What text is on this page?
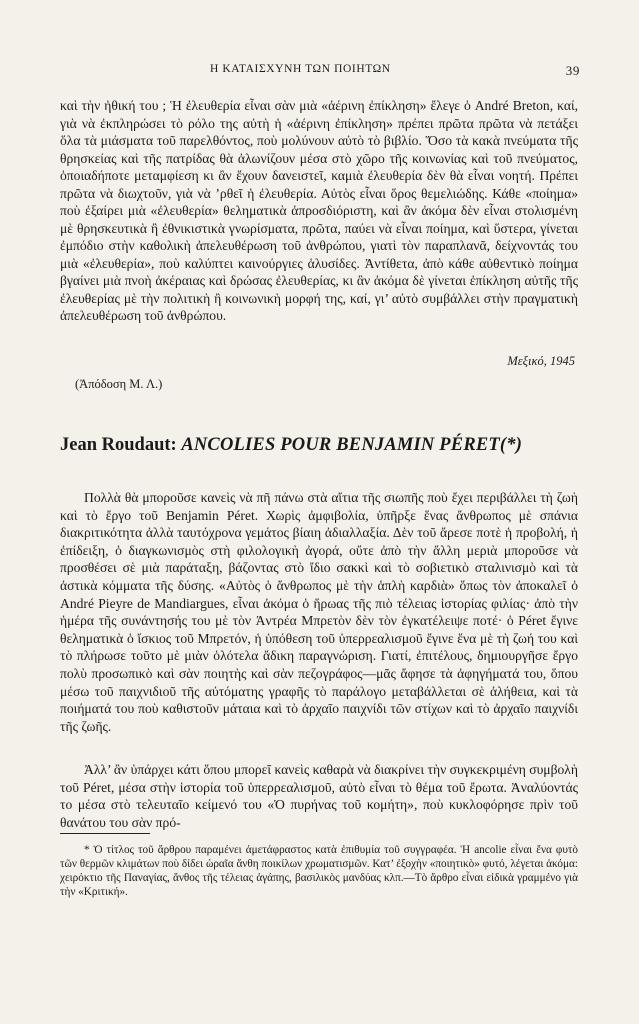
Η ΚΑΤΑΙΣΧΥΝΗ ΤΩΝ ΠΟΙΗΤΩΝ	39

καὶ τὴν ἠθική του ; Ἡ ἐλευθερία εἶναι σὰν μιὰ «ἀέρινη ἐπίκληση» ἔλεγε ὁ André Breton, καί, γιὰ νὰ ἐκπληρώσει τὸ ρόλο της αὐτὴ ἡ «ἀέρινη ἐπίκληση» πρέπει πρῶτα πρῶτα νὰ πετάξει ὅλα τὰ μιάσματα τοῦ παρελθόντος, ποὺ μολύνουν αὐτὸ τὸ βιβλίο. Ὅσο τὰ κακὰ πνεύματα τῆς θρησκείας καὶ τῆς πατρίδας θὰ ἀλωνίζουν μέσα στὸ χῶρο τῆς κοινωνίας καὶ τοῦ πνεύματος, ὁποιαδήποτε μεταμφίεση κι ἂν ἔχουν δανειστεῖ, καμιὰ ἐλευθερία δὲν θὰ εἶναι νοητή. Πρέπει πρῶτα νὰ διωχτοῦν, γιὰ νὰ ’ρθεῖ ἡ ἐλευθερία. Αὐτὸς εἶναι ὅρος θεμελιώδης. Κάθε «ποίημα» ποὺ ἐξαίρει μιὰ «ἐλευθερία» θεληματικὰ ἀπροσδιόριστη, καὶ ἂν ἀκόμα δὲν εἶναι στολισμένη μὲ θρησκευτικὰ ἢ ἐθνικιστικὰ γνωρίσματα, πρῶτα, παύει νὰ εἶναι ποίημα, καὶ ὕστερα, γίνεται ἐμπόδιο στὴν καθολικὴ ἀπελευθέρωση τοῦ ἀνθρώπου, γιατὶ τὸν παραπλανᾶ, δείχνοντάς του μιὰ «ἐλευθερία», ποὺ καλύπτει καινούργιες ἁλυσίδες. Ἀντίθετα, ἀπὸ κάθε αὐθεντικὸ ποίημα βγαίνει μιὰ πνοὴ ἀκέραιας καὶ δρώσας ἐλευθερίας, κι ἂν ἀκόμα δὲ γίνεται ἐπίκληση αὐτῆς τῆς ἐλευθερίας μὲ τὴν πολιτικὴ ἢ κοινωνικὴ μορφή της, καί, γι’ αὐτὸ συμβάλλει στὴν πραγματικὴ ἀπελευθέρωση τοῦ ἀνθρώπου.

Μεξικό, 1945

(Ἀπόδοση Μ. Λ.)

Jean Roudaut: ANCOLIES POUR BENJAMIN PÉRET(*)

Πολλὰ θὰ μποροῦσε κανεὶς νὰ πῆ πάνω στὰ αἴτια τῆς σιωπῆς ποὺ ἔχει περιβάλλει τὴ ζωὴ καὶ τὸ ἔργο τοῦ Benjamin Péret. Χωρὶς ἀμφιβολία, ὑπῆρξε ἕνας ἄνθρωπος μὲ σπάνια διακριτικότητα ἀλλὰ ταυτόχρονα γεμάτος βίαιη ἀδιαλλαξία. Δὲν τοῦ ἄρεσε ποτὲ ἡ προβολή, ἡ ἐπίδειξη, ὁ διαγκωνισμὸς στὴ φιλολογικὴ ἀγορά, οὔτε ἀπὸ τὴν ἄλλη μεριὰ μποροῦσε νὰ προσθέσει σὲ μιὰ παράταξη, βάζοντας στὸ ἴδιο σακκὶ καὶ τὸ σοβιετικὸ σταλινισμὸ καὶ τὰ ἀστικὰ κόμματα τῆς δύσης. «Αὐτὸς ὁ ἄνθρωπος μὲ τὴν ἁπλὴ καρδιὰ» ὅπως τὸν ἀποκαλεῖ ὁ André Pieyre de Mandiargues, εἶναι ἀκόμα ὁ ἥρωας τῆς πιὸ τέλειας ἱστορίας φιλίας· ἀπὸ τὴν ἡμέρα τῆς συνάντησής του μὲ τὸν Ἀντρέα Μπρετὸν δὲν τὸν ἐγκατέλειψε ποτέ· ὁ Péret ἔγινε θεληματικὰ ὁ ἴσκιος τοῦ Μπρετόν, ἡ ὑπόθεση τοῦ ὑπερρεαλισμοῦ ἔγινε ἕνα μὲ τὴ ζωή του καὶ τὸ πλήρωσε τοῦτο μὲ μιὰν ὁλότελα ἄδικη παραγνώριση. Γιατί, ἐπιτέλους, δημιουργῆσε ἔργο πολὺ προσωπικὸ καὶ σὰν ποιητὴς καὶ σὰν πεζογράφος—μᾶς ἄφησε τὰ ἀφηγήματά του, ὅπου μέσω τοῦ παιχνιδιοῦ τῆς αὐτόματης γραφῆς τὸ παράλογο μεταβάλλεται σὲ ἀλήθεια, καὶ τὰ ποιήματά του ποὺ καθιστοῦν μάταια καὶ τὸ ἀρχαῖο παιχνίδι τῶν στίχων καὶ τὸ ἀρχαῖο παιχνίδι τῆς ζωῆς.

Ἀλλ’ ἂν ὑπάρχει κάτι ὅπου μπορεῖ κανεὶς καθαρὰ νὰ διακρίνει τὴν συγκεκριμένη συμβολὴ τοῦ Péret, μέσα στὴν ἱστορία τοῦ ὑπερρεαλισμοῦ, αὐτὸ εἶναι τὸ θέμα τοῦ ἔρωτα. Ἀναλύοντάς το μέσα στὸ τελευταῖο κείμενό του «Ὁ πυρήνας τοῦ κομήτη», ποὺ κυκλοφόρησε πρὶν τοῦ θανάτου του σὰν πρό-

* Ὁ τίτλος τοῦ ἄρθρου παραμένει ἀμετάφραστος κατὰ ἐπιθυμία τοῦ συγγραφέα. Ἡ ancolie εἶναι ἕνα φυτὸ τῶν θερμῶν κλιμάτων ποὺ δίδει ὡραῖα ἄνθη ποικίλων χρωματισμῶν. Κατ’ ἐξοχὴν «ποιητικὸ» φυτό, λέγεται ἀκόμα: χειρόκτιο τῆς Παναγίας, ἄνθος τῆς τέλειας ἀγάπης, βασιλικὸς μανδύας κλπ.—Τὸ ἄρθρο εἶναι εἰδικὰ γραμμένο γιὰ τὴν «Κριτική».
